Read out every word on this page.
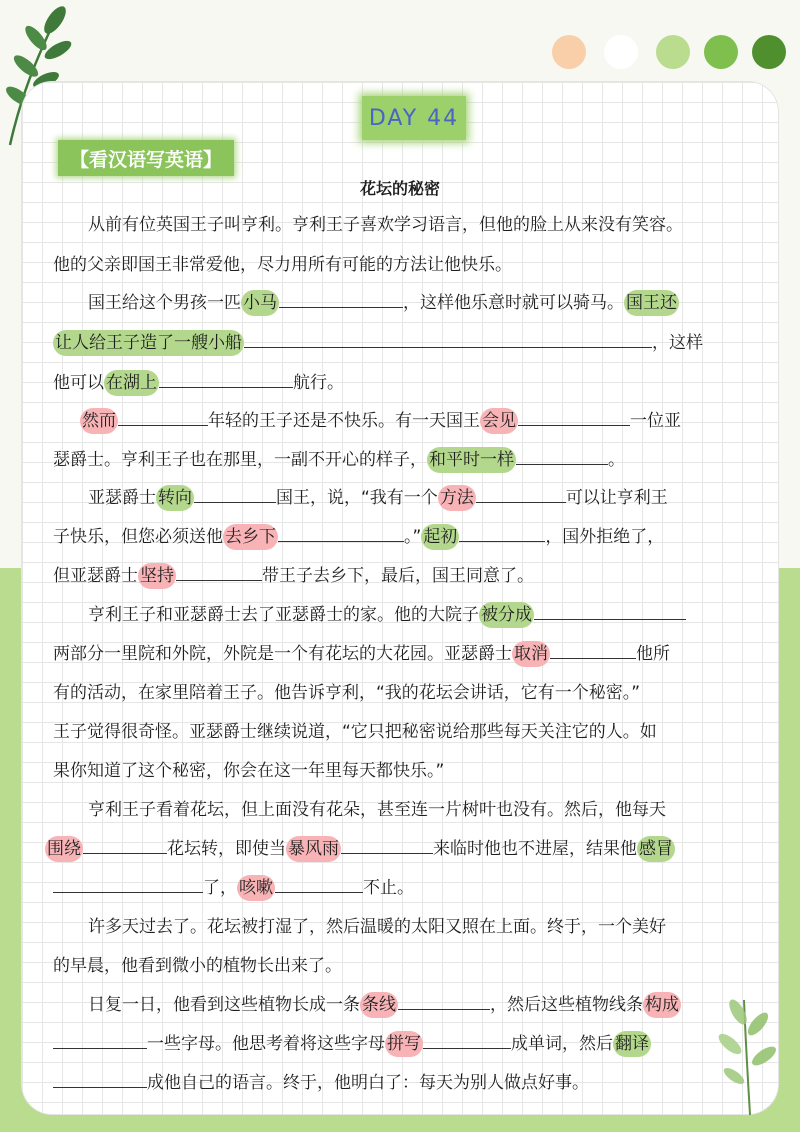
DAY 44
【看汉语写英语】
花坛的秘密
从前有位英国王子叫亨利。亨利王子喜欢学习语言，但他的脸上从来没有笑容。
他的父亲即国王非常爱他，尽力用所有可能的方法让他快乐。
国王给这个男孩一匹 小马	，这样他乐意时就可以骑马。 国王还
让人给王子造了一艘小船	，这样
他可以 在湖上	航行。
然而	年轻的王子还是不快乐。有一天国王 会见	一位亚
瑟爵士。亨利王子也在那里，一副不开心的样子， 和平时一样	。
亚瑟爵士 转向	国王，说，“我有一个 方法	可以让亨利王
子快乐，但您必须送他 去乡下	。” 起初	，国外拒绝了，
但亚瑟爵士 坚持	带王子去乡下，最后，国王同意了。
亨利王子和亚瑟爵士去了亚瑟爵士的家。他的大院子 被分成
两部分一里院和外院，外院是一个有花坛的大花园。亚瑟爵士 取消	他所
有的活动，在家里陪着王子。他告诉亨利，“我的花坛会讲话，它有一个秘密。”
王子觉得很奇怪。亚瑟爵士继续说道，“它只把秘密说给那些每天关注它的人。如
果你知道了这个秘密，你会在这一年里每天都快乐。”
亨利王子看着花坛，但上面没有花朵，甚至连一片树叶也没有。然后，他每天
围绕	花坛转，即使当 暴风雨	来临时他也不进屋，结果他 感冒
了， 咳嗽	不止。
许多天过去了。花坛被打湿了，然后温暖的太阳又照在上面。终于，一个美好
的早晨，他看到微小的植物长出来了。
日复一日，他看到这些植物长成一条 条线	，然后这些植物线条 构成
一些字母。他思考着将这些字母 拼写	成单词，然后 翻译
成他自己的语言。终于，他明白了：每天为别人做点好事。
